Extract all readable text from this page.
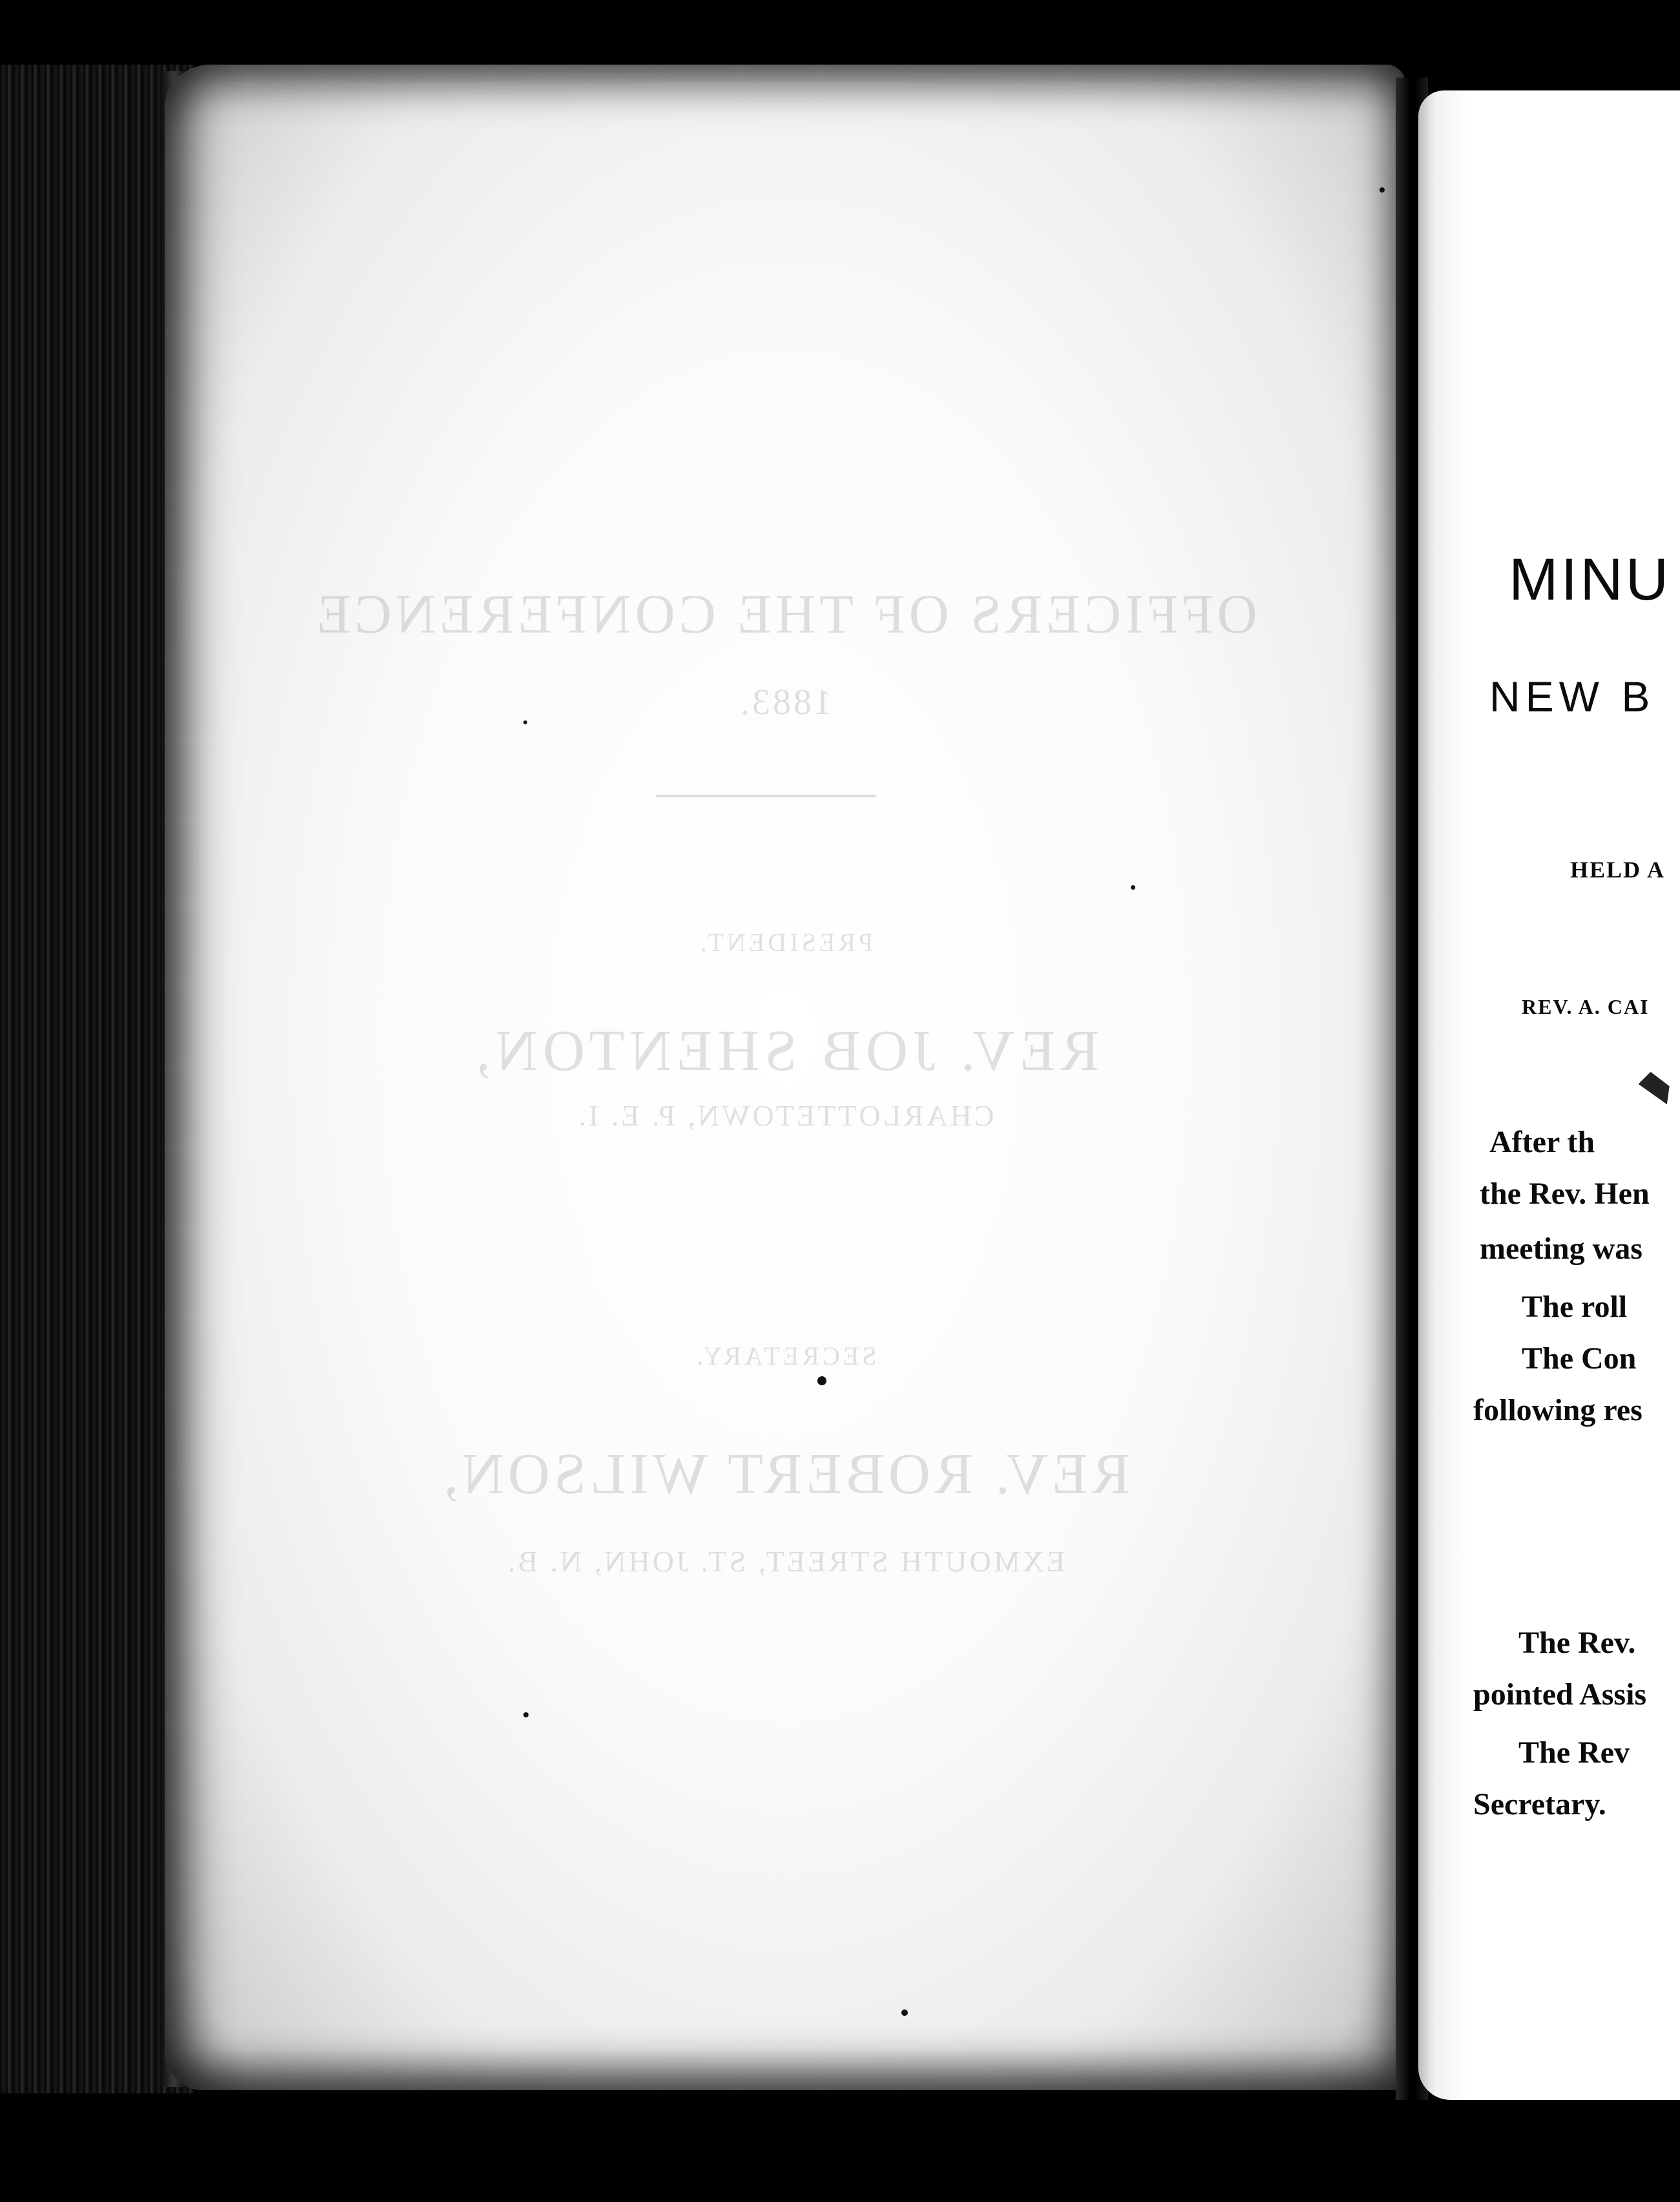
OFFICERS OF THE CONFERENCE
1883.
PRESIDENT.
REV. JOB SHENTON,
CHARLOTTETOWN, P. E. I.
SECRETARY.
REV. ROBERT WILSON,
EXMOUTH STREET, ST. JOHN, N. B.
MINU
NEW B
HELD A
REV. A. CAI
After th
the Rev. Hen
meeting was
The roll
The Con
following res
The Rev.
pointed Assis
The Rev
Secretary.
